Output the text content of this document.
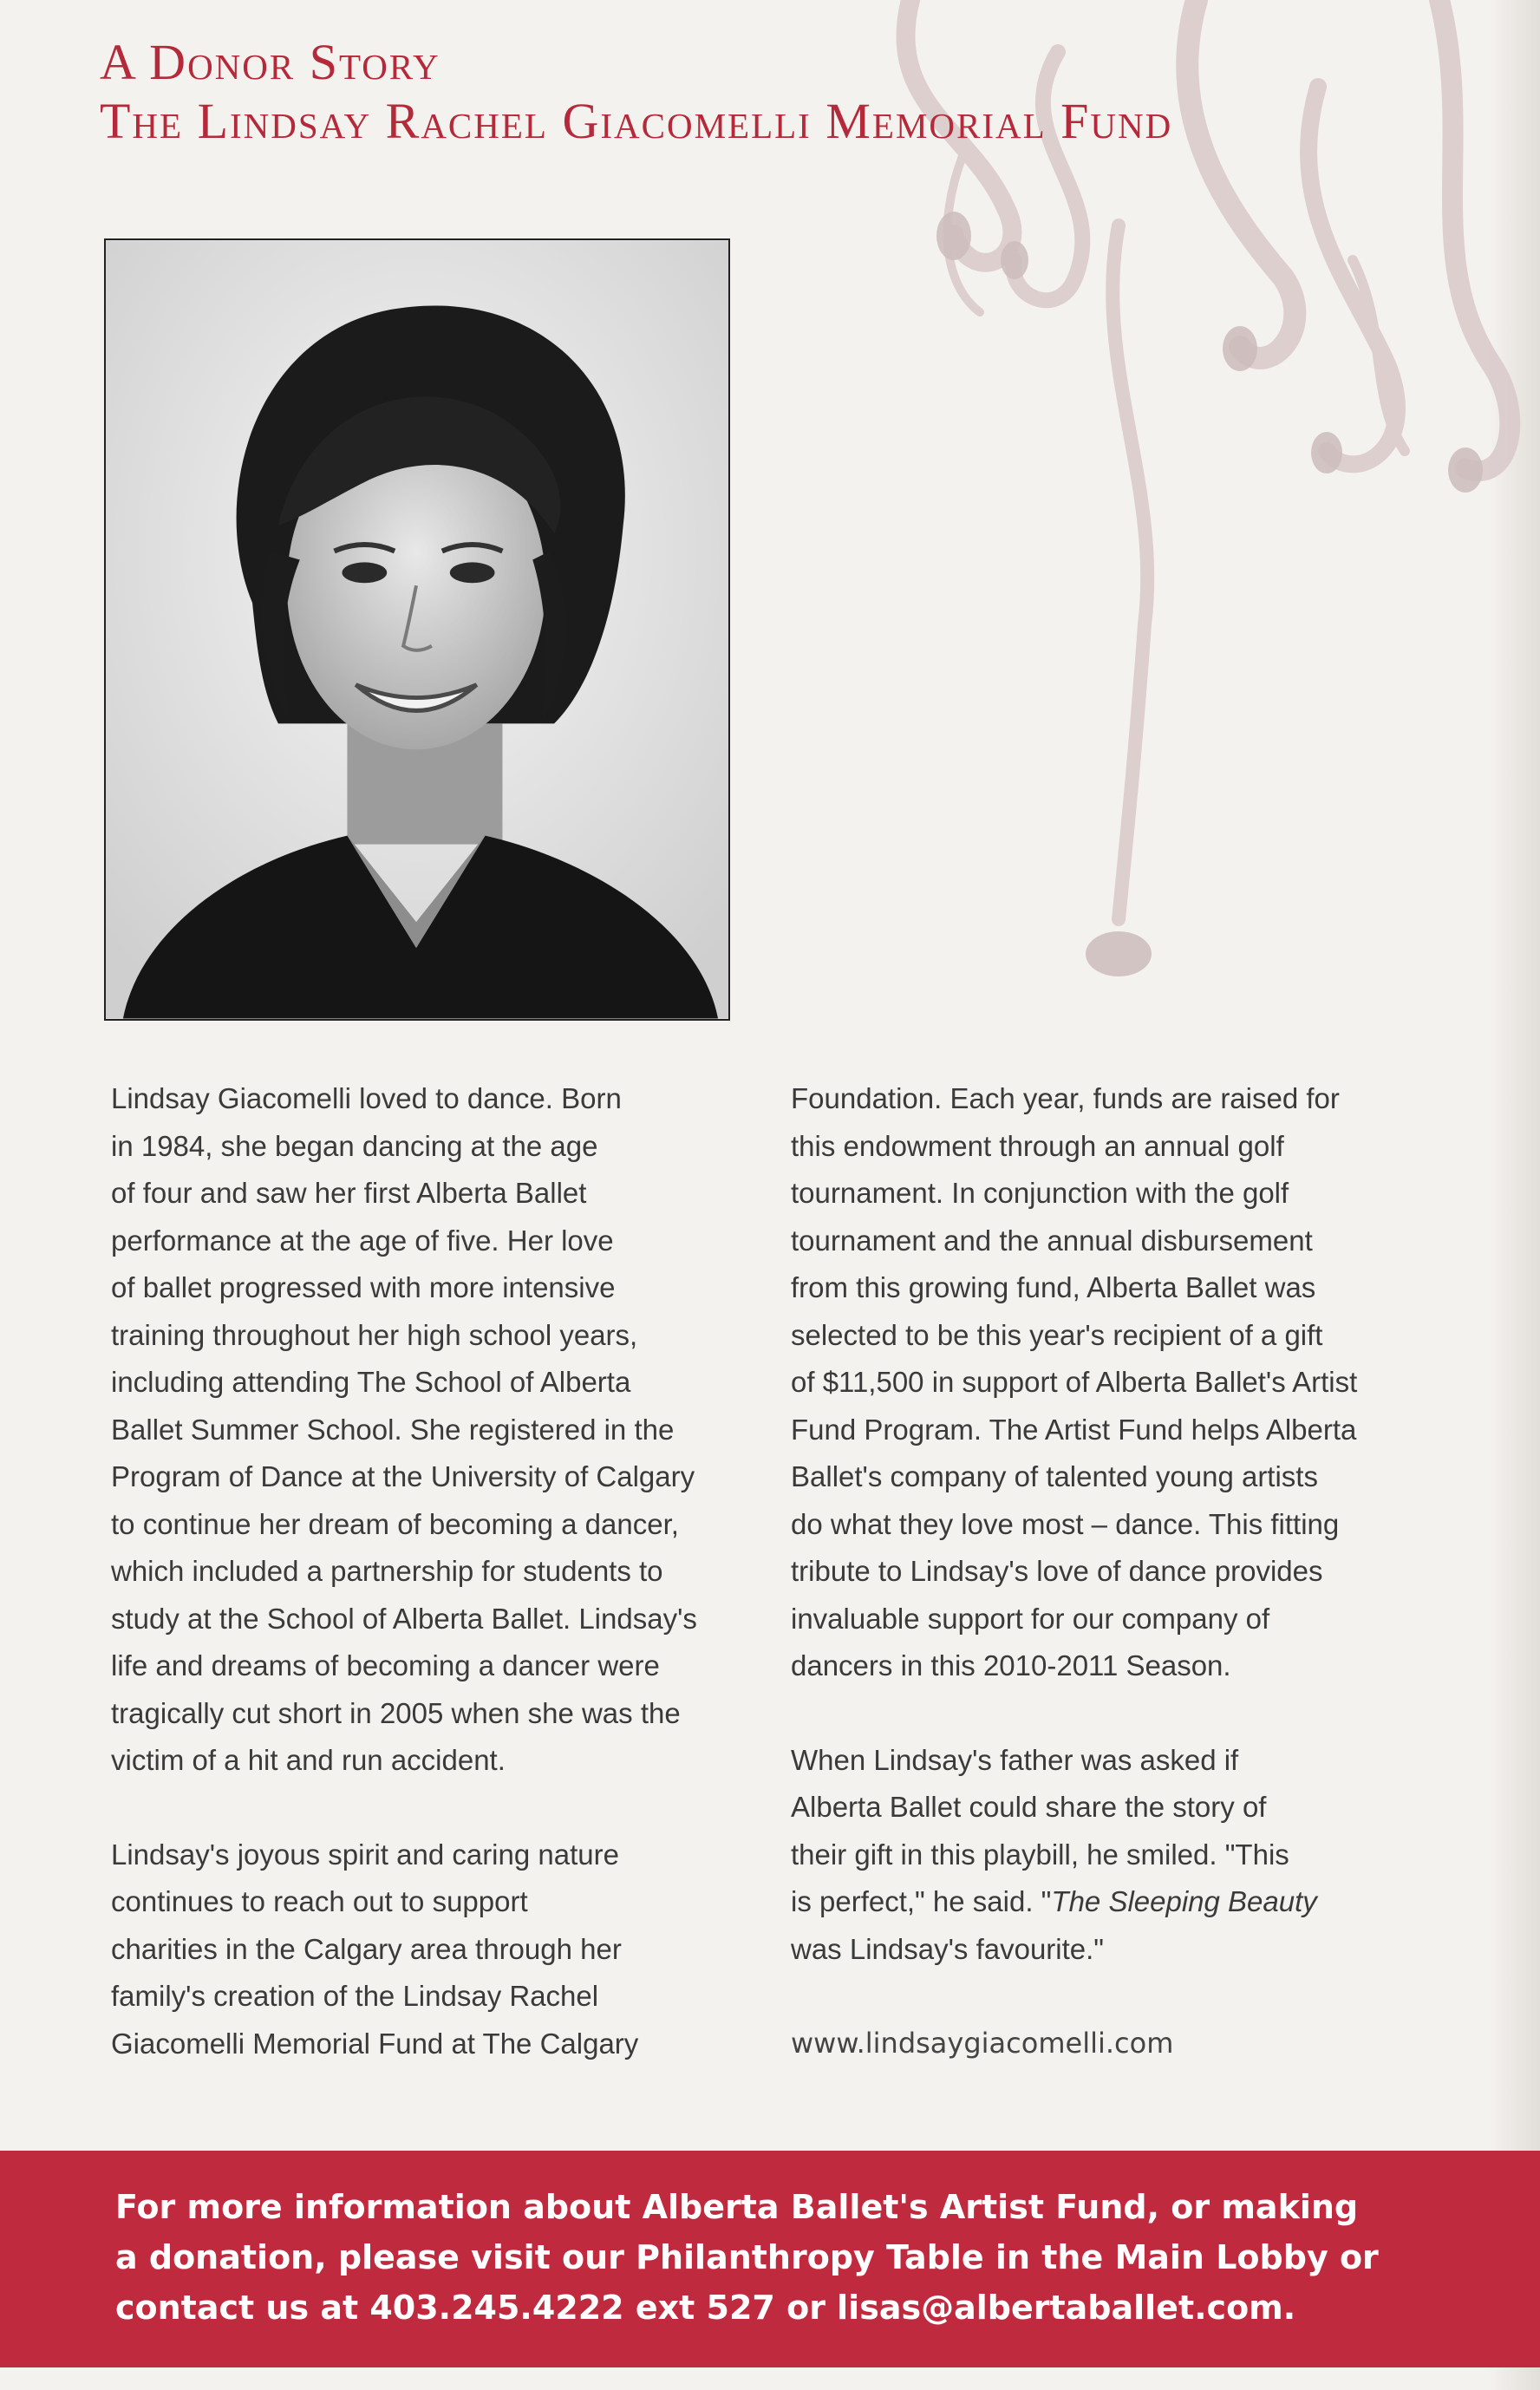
A Donor Story
The Lindsay Rachel Giacomelli Memorial Fund

Lindsay Giacomelli loved to dance. Born
in 1984, she began dancing at the age
of four and saw her first Alberta Ballet
performance at the age of five. Her love
of ballet progressed with more intensive
training throughout her high school years,
including attending The School of Alberta
Ballet Summer School. She registered in the
Program of Dance at the University of Calgary
to continue her dream of becoming a dancer,
which included a partnership for students to
study at the School of Alberta Ballet. Lindsay's
life and dreams of becoming a dancer were
tragically cut short in 2005 when she was the
victim of a hit and run accident.

Lindsay's joyous spirit and caring nature
continues to reach out to support
charities in the Calgary area through her
family's creation of the Lindsay Rachel
Giacomelli Memorial Fund at The Calgary

Foundation. Each year, funds are raised for
this endowment through an annual golf
tournament. In conjunction with the golf
tournament and the annual disbursement
from this growing fund, Alberta Ballet was
selected to be this year's recipient of a gift
of $11,500 in support of Alberta Ballet's Artist
Fund Program. The Artist Fund helps Alberta
Ballet's company of talented young artists
do what they love most – dance. This fitting
tribute to Lindsay's love of dance provides
invaluable support for our company of
dancers in this 2010-2011 Season.

When Lindsay's father was asked if
Alberta Ballet could share the story of
their gift in this playbill, he smiled. "This
is perfect," he said. "The Sleeping Beauty
was Lindsay's favourite."

www.lindsaygiacomelli.com

For more information about Alberta Ballet's Artist Fund, or making
a donation, please visit our Philanthropy Table in the Main Lobby or
contact us at 403.245.4222 ext 527 or lisas@albertaballet.com.
